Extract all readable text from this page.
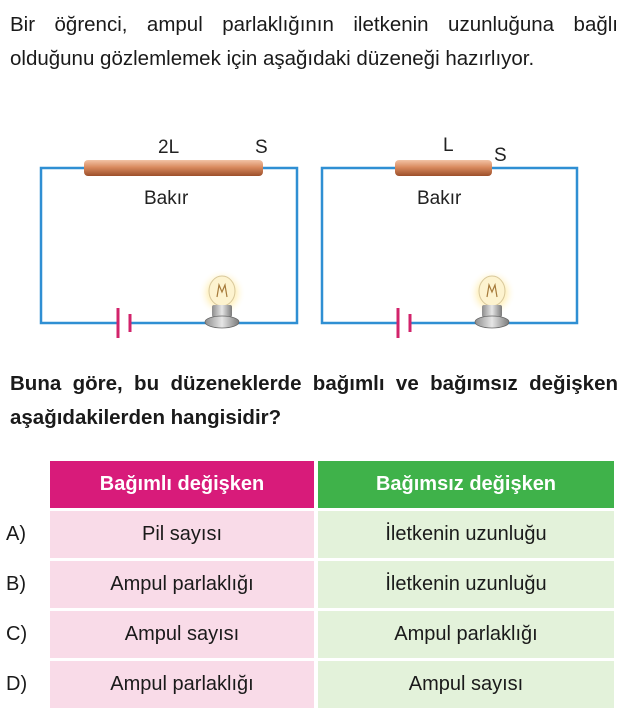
Bir öğrenci, ampul parlaklığının iletkenin uzunluğuna bağlı olduğunu gözlemlemek için aşağıdaki düzeneği hazırlıyor.

2L	S
Bakır
L S
Bakır

Buna göre, bu düzeneklerde bağımlı ve bağımsız değişken aşağıdakilerden hangisidir?

	Bağımlı değişken		Bağımsız değişken
A)	Pil sayısı		İletkenin uzunluğu
B)	Ampul parlaklığı		İletkenin uzunluğu
C)	Ampul sayısı		Ampul parlaklığı
D)	Ampul parlaklığı		Ampul sayısı
